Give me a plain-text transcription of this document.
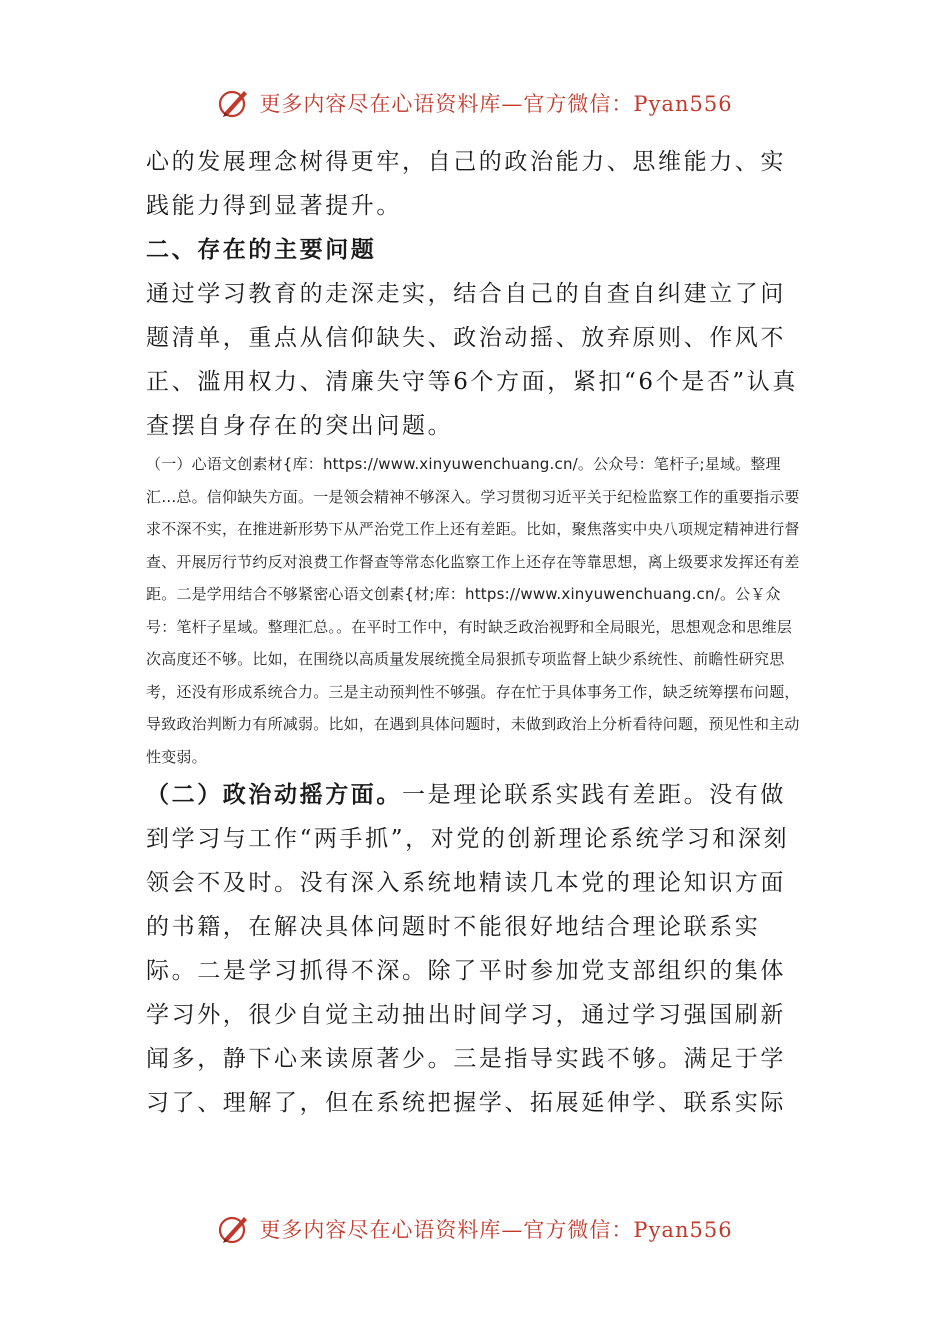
更多内容尽在心语资料库—官方微信：Pyan556

心的发展理念树得更牢，自己的政治能力、思维能力、实践能力得到显著提升。

二、存在的主要问题

通过学习教育的走深走实，结合自己的自查自纠建立了问题清单，重点从信仰缺失、政治动摇、放弃原则、作风不正、滥用权力、清廉失守等6个方面，紧扣“6个是否”认真查摆自身存在的突出问题。

（一）心语文创素材{库：https://www.xinyuwenchuang.cn/。公众号：笔杆子;星域。整理汇…总。信仰缺失方面。一是领会精神不够深入。学习贯彻习近平关于纪检监察工作的重要指示要求不深不实，在推进新形势下从严治党工作上还有差距。比如，聚焦落实中央八项规定精神进行督查、开展厉行节约反对浪费工作督查等常态化监察工作上还存在等靠思想，离上级要求发挥还有差距。二是学用结合不够紧密心语文创素{材;库：https://www.xinyuwenchuang.cn/。公￥众号：笔杆子星域。整理汇总。。在平时工作中，有时缺乏政治视野和全局眼光，思想观念和思维层次高度还不够。比如，在围绕以高质量发展统揽全局狠抓专项监督上缺少系统性、前瞻性研究思考，还没有形成系统合力。三是主动预判性不够强。存在忙于具体事务工作，缺乏统筹摆布问题，导致政治判断力有所减弱。比如，在遇到具体问题时，未做到政治上分析看待问题，预见性和主动性变弱。

（二）政治动摇方面。一是理论联系实践有差距。没有做到学习与工作“两手抓”，对党的创新理论系统学习和深刻领会不及时。没有深入系统地精读几本党的理论知识方面的书籍，在解决具体问题时不能很好地结合理论联系实际。二是学习抓得不深。除了平时参加党支部组织的集体学习外，很少自觉主动抽出时间学习，通过学习强国刷新闻多，静下心来读原著少。三是指导实践不够。满足于学习了、理解了，但在系统把握学、拓展延伸学、联系实际

更多内容尽在心语资料库—官方微信：Pyan556
